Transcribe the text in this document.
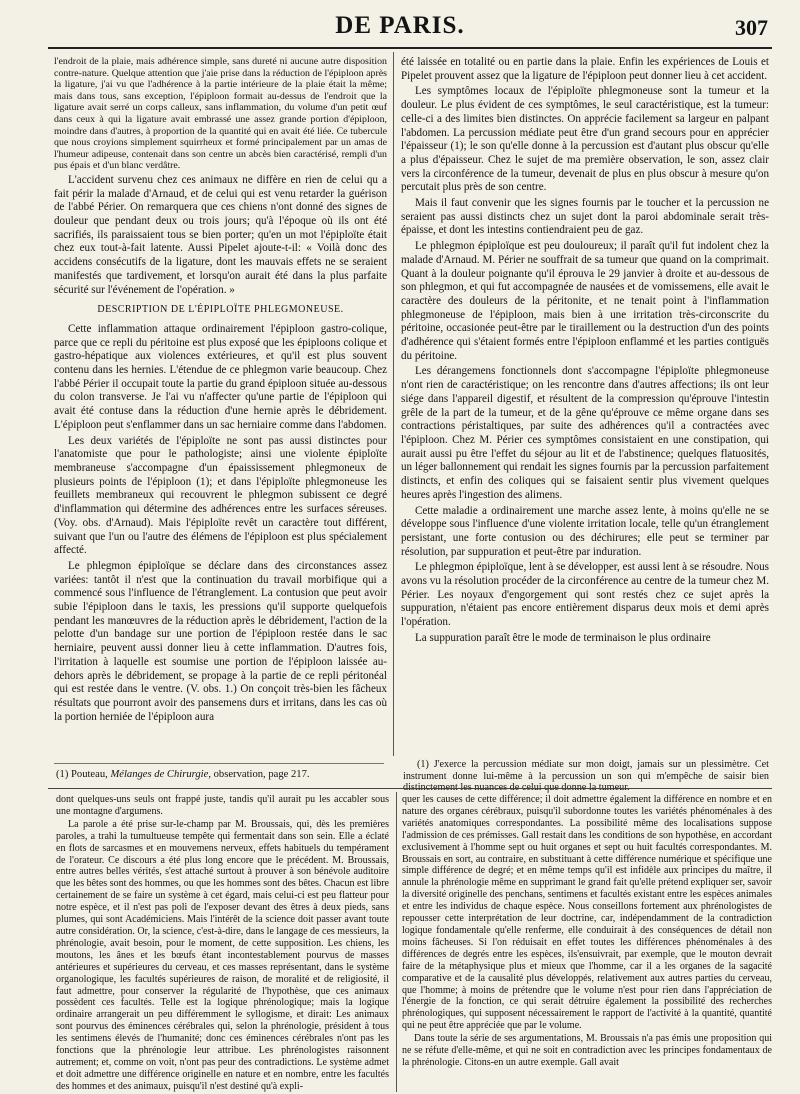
DE PARIS.	307

l'endroit de la plaie, mais adhérence simple, sans dureté ni aucune autre disposition contre-nature. Quelque attention que j'aie prise dans la réduction de l'épiploon après la ligature, j'ai vu que l'adhérence à la partie intérieure de la plaie était la même; mais dans tous, sans exception, l'épiploon formait au-dessus de l'endroit que la ligature avait serré un corps calleux, sans inflammation, du volume d'un petit œuf dans ceux à qui la ligature avait embrassé une assez grande portion d'épiploon, moindre dans d'autres, à proportion de la quantité qui en avait été liée. Ce tubercule que nous croyions simplement squirrheux et formé principalement par un amas de l'humeur adipeuse, contenait dans son centre un abcès bien caractérisé, rempli d'un pus épais et d'un blanc verdâtre.

L'accident survenu chez ces animaux ne diffère en rien de celui qu a fait périr la malade d'Arnaud, et de celui qui est venu retarder la guérison de l'abbé Périer. On remarquera que ces chiens n'ont donné des signes de douleur que pendant deux ou trois jours; qu'à l'époque où ils ont été sacrifiés, ils paraissaient tous se bien porter; qu'en un mot l'épiploïte était chez eux tout-à-fait latente. Aussi Pipelet ajoute-t-il: « Voilà donc des accidens consécutifs de la ligature, dont les mauvais effets ne se seraient manifestés que tardivement, et lorsqu'on aurait été dans la plus parfaite sécurité sur l'événement de l'opération. »

DESCRIPTION DE L'ÉPIPLOÏTE PHLEGMONEUSE.

Cette inflammation attaque ordinairement l'épiploon gastro-colique, parce que ce repli du péritoine est plus exposé que les épiploons colique et gastro-hépatique aux violences extérieures, et qu'il est plus souvent contenu dans les hernies. L'étendue de ce phlegmon varie beaucoup. Chez l'abbé Périer il occupait toute la partie du grand épiploon située au-dessous du colon transverse. Je l'ai vu n'affecter qu'une partie de l'épiploon qui avait été contuse dans la réduction d'une hernie après le débridement. L'épiploon peut s'enflammer dans un sac herniaire comme dans l'abdomen.

Les deux variétés de l'épiploïte ne sont pas aussi distinctes pour l'anatomiste que pour le pathologiste; ainsi une violente épiploïte membraneuse s'accompagne d'un épaississement phlegmoneux de plusieurs points de l'épiploon (1); et dans l'épiploïte phlegmoneuse les feuillets membraneux qui recouvrent le phlegmon subissent ce degré d'inflammation qui détermine des adhérences entre les surfaces séreuses. (Voy. obs. d'Arnaud). Mais l'épiploïte revêt un caractère tout différent, suivant que l'un ou l'autre des élémens de l'épiploon est plus spécialement affecté.

Le phlegmon épiploïque se déclare dans des circonstances assez variées: tantôt il n'est que la continuation du travail morbifique qui a commencé sous l'influence de l'étranglement. La contusion que peut avoir subie l'épiploon dans le taxis, les pressions qu'il supporte quelquefois pendant les manœuvres de la réduction après le débridement, l'action de la pelotte d'un bandage sur une portion de l'épiploon restée dans le sac herniaire, peuvent aussi donner lieu à cette inflammation. D'autres fois, l'irritation à laquelle est soumise une portion de l'épiploon laissée au-dehors après le débridement, se propage à la partie de ce repli péritonéal qui est restée dans le ventre. (V. obs. 1.) On conçoit très-bien les fâcheux résultats que pourront avoir des pansemens durs et irritans, dans les cas où la portion herniée de l'épiploon aura

été laissée en totalité ou en partie dans la plaie. Enfin les expériences de Louis et Pipelet prouvent assez que la ligature de l'épiploon peut donner lieu à cet accident.

Les symptômes locaux de l'épiploïte phlegmoneuse sont la tumeur et la douleur. Le plus évident de ces symptômes, le seul caractéristique, est la tumeur: celle-ci a des limites bien distinctes. On apprécie facilement sa largeur en palpant l'abdomen. La percussion médiate peut être d'un grand secours pour en apprécier l'épaisseur (1); le son qu'elle donne à la percussion est d'autant plus obscur qu'elle a plus d'épaisseur. Chez le sujet de ma première observation, le son, assez clair vers la circonférence de la tumeur, devenait de plus en plus obscur à mesure qu'on percutait plus près de son centre.

Mais il faut convenir que les signes fournis par le toucher et la percussion ne seraient pas aussi distincts chez un sujet dont la paroi abdominale serait très-épaisse, et dont les intestins contiendraient peu de gaz.

Le phlegmon épiploïque est peu douloureux; il paraît qu'il fut indolent chez la malade d'Arnaud. M. Périer ne souffrait de sa tumeur que quand on la comprimait. Quant à la douleur poignante qu'il éprouva le 29 janvier à droite et au-dessous de son phlegmon, et qui fut accompagnée de nausées et de vomissemens, elle avait le caractère des douleurs de la péritonite, et ne tenait point à l'inflammation phlegmoneuse de l'épiploon, mais bien à une irritation très-circonscrite du péritoine, occasionée peut-être par le tiraillement ou la destruction d'un des points d'adhérence qui s'étaient formés entre l'épiploon enflammé et les parties contiguës du péritoine.

Les dérangemens fonctionnels dont s'accompagne l'épiploïte phlegmoneuse n'ont rien de caractéristique; on les rencontre dans d'autres affections; ils ont leur siége dans l'appareil digestif, et résultent de la compression qu'éprouve l'intestin grêle de la part de la tumeur, et de la gêne qu'éprouve ce même organe dans ses contractions péristaltiques, par suite des adhérences qu'il a contractées avec l'épiploon. Chez M. Périer ces symptômes consistaient en une constipation, qui aurait aussi pu être l'effet du séjour au lit et de l'abstinence; quelques flatuosités, un léger ballonnement qui rendait les signes fournis par la percussion parfaitement distincts, et enfin des coliques qui se faisaient sentir plus vivement quelques heures après l'ingestion des alimens.

Cette maladie a ordinairement une marche assez lente, à moins qu'elle ne se développe sous l'influence d'une violente irritation locale, telle qu'un étranglement persistant, une forte contusion ou des déchirures; elle peut se terminer par résolution, par suppuration et peut-être par induration.

Le phlegmon épiploïque, lent à se développer, est aussi lent à se résoudre. Nous avons vu la résolution procéder de la circonférence au centre de la tumeur chez M. Périer. Les noyaux d'engorgement qui sont restés chez ce sujet après la suppuration, n'étaient pas encore entièrement disparus deux mois et demi après l'opération.

La suppuration paraît être le mode de terminaison le plus ordinaire

(1) Pouteau, Mélanges de Chirurgie, observation, page 217.

(1) J'exerce la percussion médiate sur mon doigt, jamais sur un plessimètre. Cet instrument donne lui-même à la percussion un son qui m'empêche de saisir bien distinctement les nuances de celui que donne la tumeur.

dont quelques-uns seuls ont frappé juste, tandis qu'il aurait pu les accabler sous une montagne d'argumens.

La parole a été prise sur-le-champ par M. Broussais, qui, dès les premières paroles, a trahi la tumultueuse tempête qui fermentait dans son sein. Elle a éclaté en flots de sarcasmes et en mouvemens nerveux, effets habituels du tempérament de l'orateur. Ce discours a été plus long encore que le précédent. M. Broussais, entre autres belles vérités, s'est attaché surtout à prouver à son bénévole auditoire que les bêtes sont des hommes, ou que les hommes sont des bêtes. Chacun est libre certainement de se faire un système à cet égard, mais celui-ci est peu flatteur pour notre espèce, et il n'est pas poli de l'exposer devant des êtres à deux pieds, sans plumes, qui sont Académiciens. Mais l'intérêt de la science doit passer avant toute autre considération. Or, la science, c'est-à-dire, dans le langage de ces messieurs, la phrénologie, avait besoin, pour le moment, de cette supposition. Les chiens, les moutons, les ânes et les bœufs étant incontestablement pourvus de masses antérieures et supérieures du cerveau, et ces masses représentant, dans le système organologique, les facultés supérieures de raison, de moralité et de religiosité, il faut admettre, pour conserver la régularité de l'hypothèse, que ces animaux possèdent ces facultés. Telle est la logique phrénologique; mais la logique ordinaire arrangerait un peu différemment le syllogisme, et dirait: Les animaux sont pourvus des éminences cérébrales qui, selon la phrénologie, président à tous les sentimens élevés de l'humanité; donc ces éminences cérébrales n'ont pas les fonctions que la phrénologie leur attribue. Les phrénologistes raisonnent autrement; et, comme on voit, n'ont pas peur des contradictions. Le système admet et doit admettre une différence originelle en nature et en nombre, entre les facultés des hommes et des animaux, puisqu'il n'est destiné qu'à expli-

quer les causes de cette différence; il doit admettre également la différence en nombre et en nature des organes cérébraux, puisqu'il subordonne toutes les variétés phénoménales à des variétés anatomiques correspondantes. La possibilité même des localisations suppose l'admission de ces prémisses. Gall restait dans les conditions de son hypothèse, en accordant exclusivement à l'homme sept ou huit organes et sept ou huit facultés correspondantes. M. Broussais en sort, au contraire, en substituant à cette différence numérique et spécifique une simple différence de degré; et en même temps qu'il est infidèle aux principes du maître, il annule la phrénologie même en supprimant le grand fait qu'elle prétend expliquer ser, savoir la diversité originelle des penchans, sentimens et facultés existant entre les espèces animales et entre les individus de chaque espèce. Nous conseillons fortement aux phrénologistes de repousser cette interprétation de leur doctrine, car, indépendamment de la contradiction logique fondamentale qu'elle renferme, elle conduirait à des conséquences de détail non moins fâcheuses. Si l'on réduisait en effet toutes les différences phénoménales à des différences de degrés entre les espèces, ils'ensuivrait, par exemple, que le mouton devrait faire de la métaphysique plus et mieux que l'homme, car il a les organes de la sagacité comparative et de la causalité plus développés, relativement aux autres parties du cerveau, que l'homme; à moins de prétendre que le volume n'est pour rien dans l'appréciation de l'énergie de la fonction, ce qui serait détruire également la possibilité des recherches phrénologiques, qui supposent nécessairement le rapport de l'activité à la quantité, quantité qui ne peut être appréciée que par le volume.

Dans toute la série de ses argumentations, M. Broussais n'a pas émis une proposition qui ne se réfute d'elle-même, et qui ne soit en contradiction avec les principes fondamentaux de la phrénologie. Citons-en un autre exemple. Gall avait
